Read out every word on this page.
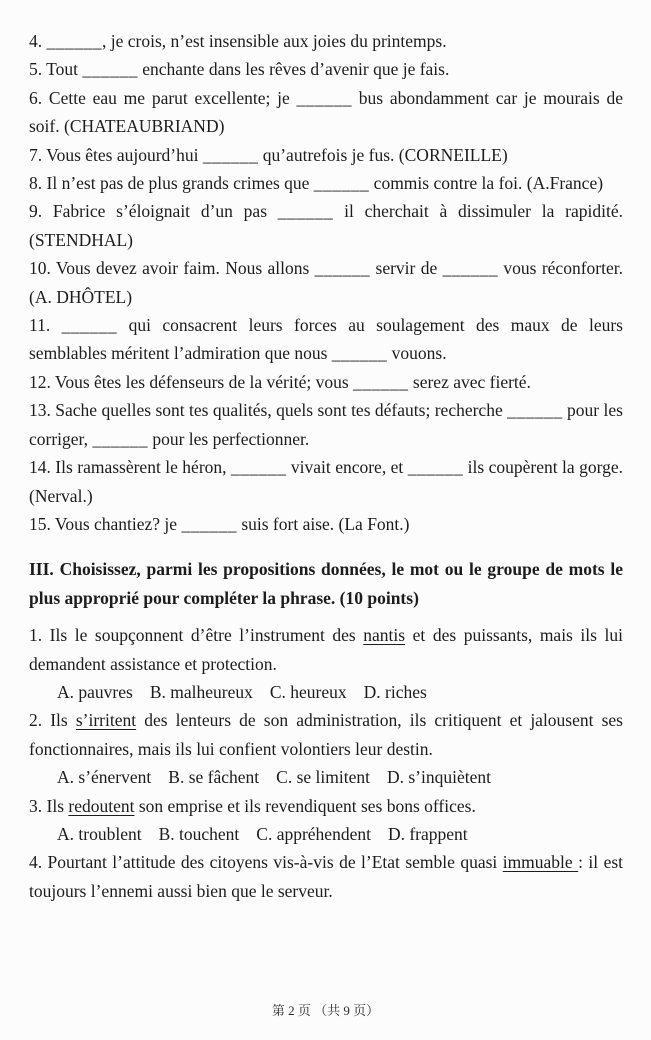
4. ______, je crois, n’est insensible aux joies du printemps.

5. Tout ______ enchante dans les rêves d’avenir que je fais.

6. Cette eau me parut excellente; je ______ bus abondamment car je mourais de soif. (CHATEAUBRIAND)

7. Vous êtes aujourd’hui ______ qu’autrefois je fus. (CORNEILLE)

8. Il n’est pas de plus grands crimes que ______ commis contre la foi. (A.France)

9. Fabrice s’éloignait d’un pas ______ il cherchait à dissimuler la rapidité. (STENDHAL)

10. Vous devez avoir faim. Nous allons ______ servir de ______ vous réconforter. (A. DHÔTEL)

11. ______ qui consacrent leurs forces au soulagement des maux de leurs semblables méritent l’admiration que nous ______ vouons.

12. Vous êtes les défenseurs de la vérité; vous ______ serez avec fierté.

13. Sache quelles sont tes qualités, quels sont tes défauts; recherche ______ pour les corriger, ______ pour les perfectionner.

14. Ils ramassèrent le héron, ______ vivait encore, et ______ ils coupèrent la gorge. (Nerval.)

15. Vous chantiez? je ______ suis fort aise. (La Font.)

III. Choisissez, parmi les propositions données, le mot ou le groupe de mots le plus approprié pour compléter la phrase. (10 points)

1. Ils le soupçonnent d’être l’instrument des nantis et des puissants, mais ils lui demandent assistance et protection.

A. pauvres B. malheureux C. heureux D. riches

2. Ils s’irritent des lenteurs de son administration, ils critiquent et jalousent ses fonctionnaires, mais ils lui confient volontiers leur destin.

A. s’énervent B. se fâchent C. se limitent D. s’inquiètent

3. Ils redoutent son emprise et ils revendiquent ses bons offices.

A. troublent B. touchent C. appréhendent D. frappent

4. Pourtant l’attitude des citoyens vis-à-vis de l’Etat semble quasi immuable : il est toujours l’ennemi aussi bien que le serveur.

第 2 页 （共 9 页）
